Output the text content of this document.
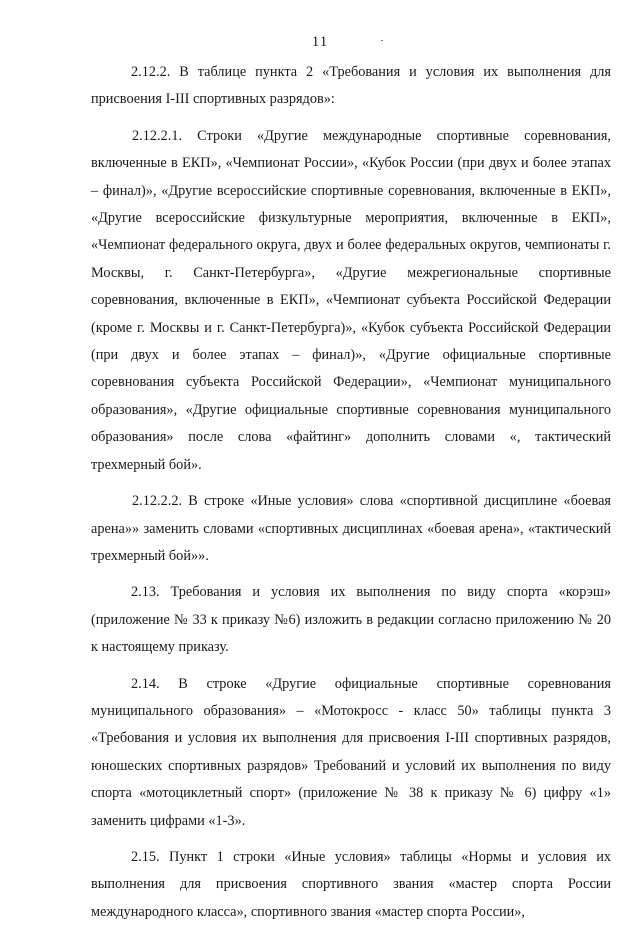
11

2.12.2. В таблице пункта 2 «Требования и условия их выполнения для присвоения I-III спортивных разрядов»:

2.12.2.1. Строки «Другие международные спортивные соревнования, включенные в ЕКП», «Чемпионат России», «Кубок России (при двух и более этапах – финал)», «Другие всероссийские спортивные соревнования, включенные в ЕКП», «Другие всероссийские физкультурные мероприятия, включенные в ЕКП», «Чемпионат федерального округа, двух и более федеральных округов, чемпионаты г. Москвы, г. Санкт-Петербурга», «Другие межрегиональные спортивные соревнования, включенные в ЕКП», «Чемпионат субъекта Российской Федерации (кроме г. Москвы и г. Санкт-Петербурга)», «Кубок субъекта Российской Федерации (при двух и более этапах – финал)», «Другие официальные спортивные соревнования субъекта Российской Федерации», «Чемпионат муниципального образования», «Другие официальные спортивные соревнования муниципального образования» после слова «файтинг» дополнить словами «, тактический трехмерный бой».

2.12.2.2. В строке «Иные условия» слова «спортивной дисциплине «боевая арена»» заменить словами «спортивных дисциплинах «боевая арена», «тактический трехмерный бой»».

2.13. Требования и условия их выполнения по виду спорта «корэш» (приложение № 33 к приказу №6) изложить в редакции согласно приложению № 20 к настоящему приказу.

2.14. В строке «Другие официальные спортивные соревнования муниципального образования» – «Мотокросс - класс 50» таблицы пункта 3 «Требования и условия их выполнения для присвоения I-III спортивных разрядов, юношеских спортивных разрядов» Требований и условий их выполнения по виду спорта «мотоциклетный спорт» (приложение № 38 к приказу № 6) цифру «1» заменить цифрами «1-3».

2.15. Пункт 1 строки «Иные условия» таблицы «Нормы и условия их выполнения для присвоения спортивного звания «мастер спорта России международного класса», спортивного звания «мастер спорта России»,
